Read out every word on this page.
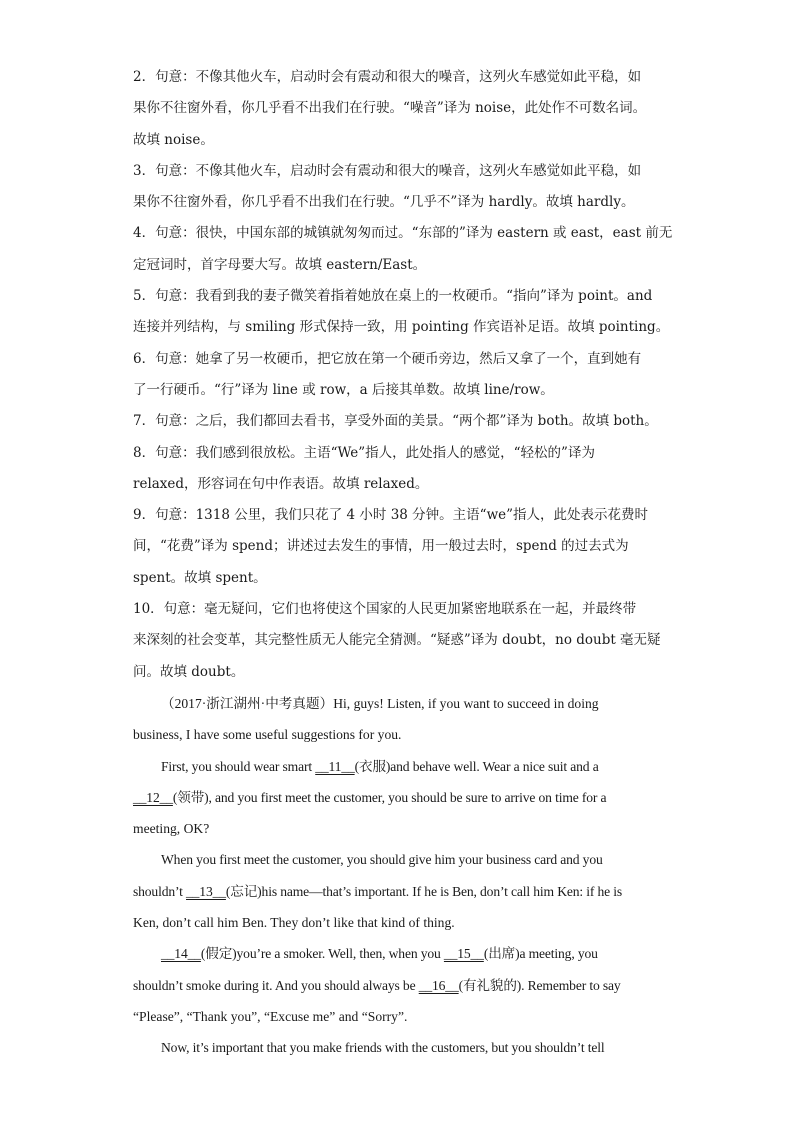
2．句意：不像其他火车，启动时会有震动和很大的噪音，这列火车感觉如此平稳，如
果你不往窗外看，你几乎看不出我们在行驶。“噪音”译为 noise，此处作不可数名词。
故填 noise。
3．句意：不像其他火车，启动时会有震动和很大的噪音，这列火车感觉如此平稳，如
果你不往窗外看，你几乎看不出我们在行驶。“几乎不”译为 hardly。故填 hardly。
4．句意：很快，中国东部的城镇就匆匆而过。“东部的”译为 eastern 或 east，east 前无
定冠词时，首字母要大写。故填 eastern/East。
5．句意：我看到我的妻子微笑着指着她放在桌上的一枚硬币。“指向”译为 point。and
连接并列结构，与 smiling 形式保持一致，用 pointing 作宾语补足语。故填 pointing。
6．句意：她拿了另一枚硬币，把它放在第一个硬币旁边，然后又拿了一个，直到她有
了一行硬币。“行”译为 line 或 row，a 后接其单数。故填 line/row。
7．句意：之后，我们都回去看书，享受外面的美景。“两个都”译为 both。故填 both。
8．句意：我们感到很放松。主语“We”指人，此处指人的感觉，“轻松的”译为
relaxed，形容词在句中作表语。故填 relaxed。
9．句意：1318 公里，我们只花了 4 小时 38 分钟。主语“we”指人，此处表示花费时
间，“花费”译为 spend；讲述过去发生的事情，用一般过去时，spend 的过去式为
spent。故填 spent。
10．句意：毫无疑问，它们也将使这个国家的人民更加紧密地联系在一起，并最终带
来深刻的社会变革，其完整性质无人能完全猜测。“疑惑”译为 doubt，no doubt 毫无疑
问。故填 doubt。
（2017·浙江湖州·中考真题）Hi, guys! Listen, if you want to succeed in doing
business, I have some useful suggestions for you.
First, you should wear smart __11__(衣服)and behave well. Wear a nice suit and a
__12__(领带), and you first meet the customer, you should be sure to arrive on time for a
meeting, OK?
When you first meet the customer, you should give him your business card and you
shouldn’t __13__(忘记)his name—that’s important. If he is Ben, don’t call him Ken: if he is
Ken, don’t call him Ben. They don’t like that kind of thing.
__14__(假定)you’re a smoker. Well, then, when you __15__(出席)a meeting, you
shouldn’t smoke during it. And you should always be __16__(有礼貌的). Remember to say
“Please”, “Thank you”, “Excuse me” and “Sorry”.
Now, it’s important that you make friends with the customers, but you shouldn’t tell
